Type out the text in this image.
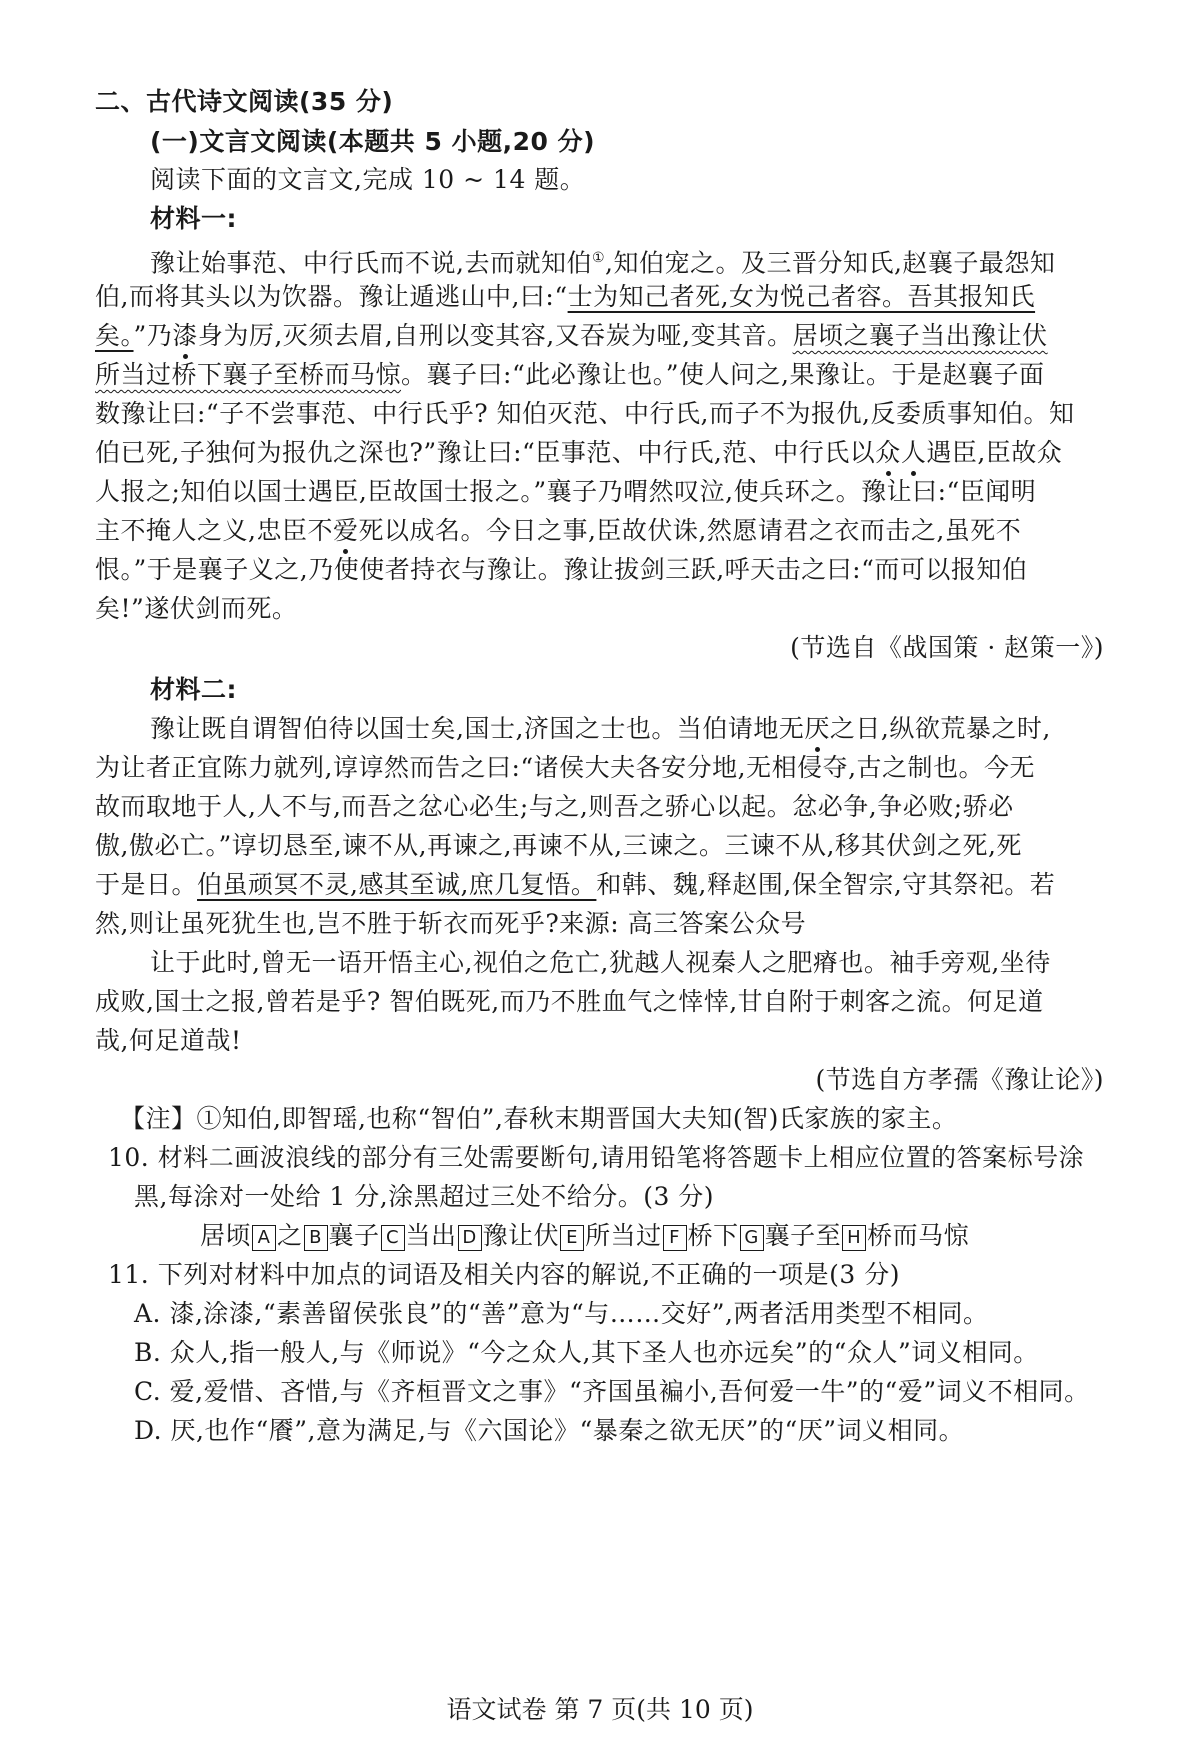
二、古代诗文阅读(35 分)
(一)文言文阅读(本题共 5 小题,20 分)
阅读下面的文言文,完成 10 ~ 14 题。
材料一:
豫让始事范、中行氏而不说,去而就知伯①,知伯宠之。及三晋分知氏,赵襄子最怨知
伯,而将其头以为饮器。豫让遁逃山中,曰:“士为知己者死,女为悦己者容。吾其报知氏
矣。”乃漆身为厉,灭须去眉,自刑以变其容,又吞炭为哑,变其音。居顷之襄子当出豫让伏
所当过桥下襄子至桥而马惊。襄子曰:“此必豫让也。”使人问之,果豫让。于是赵襄子面
数豫让曰:“子不尝事范、中行氏乎? 知伯灭范、中行氏,而子不为报仇,反委质事知伯。知
伯已死,子独何为报仇之深也?”豫让曰:“臣事范、中行氏,范、中行氏以众人遇臣,臣故众
人报之;知伯以国士遇臣,臣故国士报之。”襄子乃喟然叹泣,使兵环之。豫让曰:“臣闻明
主不掩人之义,忠臣不爱死以成名。今日之事,臣故伏诛,然愿请君之衣而击之,虽死不
恨。”于是襄子义之,乃使使者持衣与豫让。豫让拔剑三跃,呼天击之曰:“而可以报知伯
矣!”遂伏剑而死。
(节选自《战国策 · 赵策一》)
材料二:
豫让既自谓智伯待以国士矣,国士,济国之士也。当伯请地无厌之日,纵欲荒暴之时,
为让者正宜陈力就列,谆谆然而告之曰:“诸侯大夫各安分地,无相侵夺,古之制也。今无
故而取地于人,人不与,而吾之忿心必生;与之,则吾之骄心以起。忿必争,争必败;骄必
傲,傲必亡。”谆切恳至,谏不从,再谏之,再谏不从,三谏之。三谏不从,移其伏剑之死,死
于是日。伯虽顽冥不灵,感其至诚,庶几复悟。和韩、魏,释赵围,保全智宗,守其祭祀。若
然,则让虽死犹生也,岂不胜于斩衣而死乎?来源: 高三答案公众号
让于此时,曾无一语开悟主心,视伯之危亡,犹越人视秦人之肥瘠也。袖手旁观,坐待
成败,国士之报,曾若是乎? 智伯既死,而乃不胜血气之悻悻,甘自附于刺客之流。何足道
哉,何足道哉!
(节选自方孝孺《豫让论》)
【注】①知伯,即智瑶,也称“智伯”,春秋末期晋国大夫知(智)氏家族的家主。
10. 材料二画波浪线的部分有三处需要断句,请用铅笔将答题卡上相应位置的答案标号涂
黑,每涂对一处给 1 分,涂黑超过三处不给分。(3 分)
居顷 A 之 B 襄子 C 当出 D 豫让伏 E 所当过 F 桥下 G 襄子至 H 桥而马惊
11. 下列对材料中加点的词语及相关内容的解说,不正确的一项是(3 分)
A. 漆,涂漆,“素善留侯张良”的“善”意为“与……交好”,两者活用类型不相同。
B. 众人,指一般人,与《师说》“今之众人,其下圣人也亦远矣”的“众人”词义相同。
C. 爱,爱惜、吝惜,与《齐桓晋文之事》“齐国虽褊小,吾何爱一牛”的“爱”词义不相同。
D. 厌,也作“餍”,意为满足,与《六国论》“暴秦之欲无厌”的“厌”词义相同。
语文试卷 第 7 页(共 10 页)
